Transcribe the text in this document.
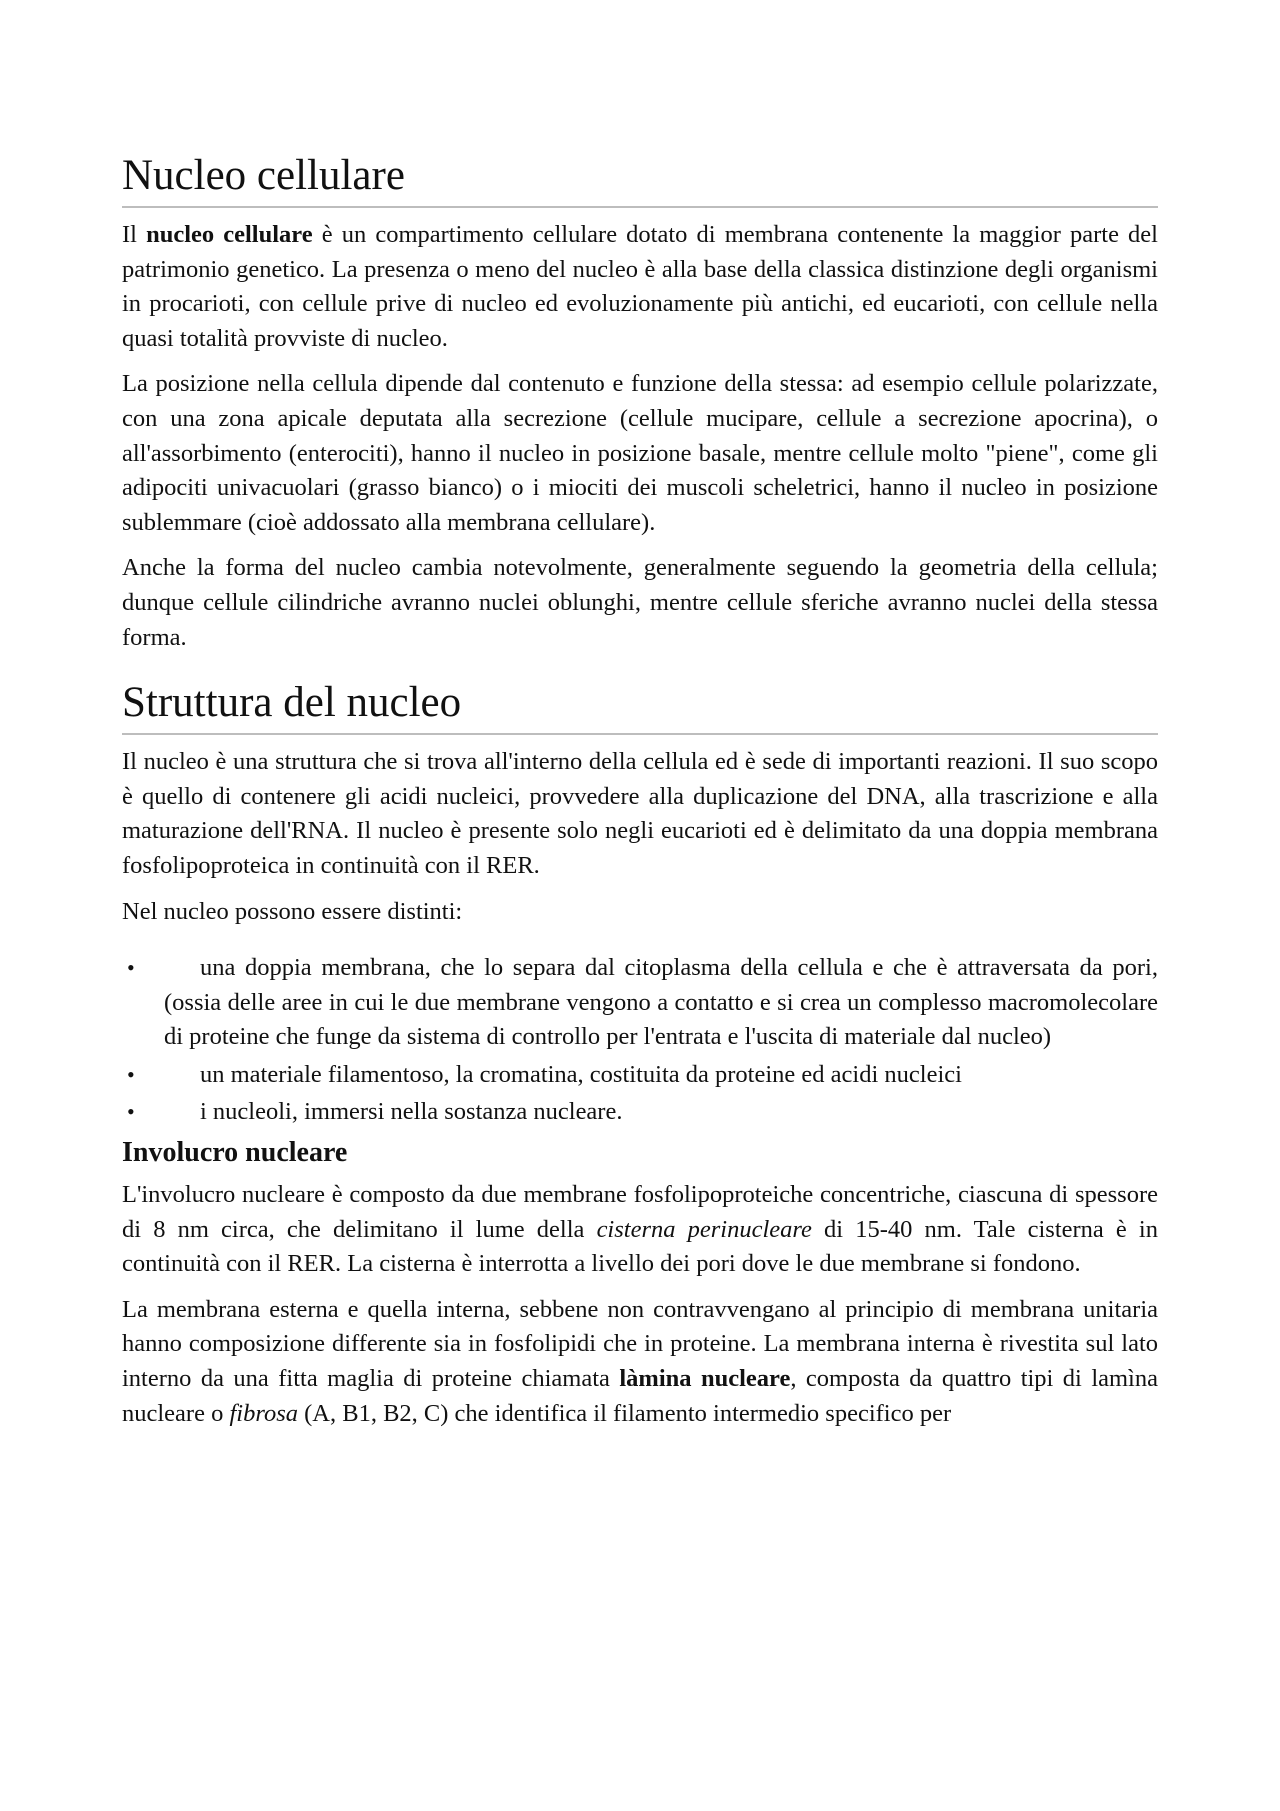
Nucleo cellulare

Il nucleo cellulare è un compartimento cellulare dotato di membrana contenente la maggior parte del patrimonio genetico. La presenza o meno del nucleo è alla base della classica distinzione degli organismi in procarioti, con cellule prive di nucleo ed evoluzionamente più antichi, ed eucarioti, con cellule nella quasi totalità provviste di nucleo.

La posizione nella cellula dipende dal contenuto e funzione della stessa: ad esempio cellule polarizzate, con una zona apicale deputata alla secrezione (cellule mucipare, cellule a secrezione apocrina), o all'assorbimento (enterociti), hanno il nucleo in posizione basale, mentre cellule molto "piene", come gli adipociti univacuolari (grasso bianco) o i miociti dei muscoli scheletrici, hanno il nucleo in posizione sublemmare (cioè addossato alla membrana cellulare).

Anche la forma del nucleo cambia notevolmente, generalmente seguendo la geometria della cellula; dunque cellule cilindriche avranno nuclei oblunghi, mentre cellule sferiche avranno nuclei della stessa forma.

Struttura del nucleo

Il nucleo è una struttura che si trova all'interno della cellula ed è sede di importanti reazioni. Il suo scopo è quello di contenere gli acidi nucleici, provvedere alla duplicazione del DNA, alla trascrizione e alla maturazione dell'RNA. Il nucleo è presente solo negli eucarioti ed è delimitato da una doppia membrana fosfolipoproteica in continuità con il RER.

Nel nucleo possono essere distinti:

•	una doppia membrana, che lo separa dal citoplasma della cellula e che è attraversata da pori, (ossia delle aree in cui le due membrane vengono a contatto e si crea un complesso macromolecolare di proteine che funge da sistema di controllo per l'entrata e l'uscita di materiale dal nucleo)
•	un materiale filamentoso, la cromatina, costituita da proteine ed acidi nucleici
•	i nucleoli, immersi nella sostanza nucleare.
Involucro nucleare

L'involucro nucleare è composto da due membrane fosfolipoproteiche concentriche, ciascuna di spessore di 8 nm circa, che delimitano il lume della cisterna perinucleare di 15-40 nm. Tale cisterna è in continuità con il RER. La cisterna è interrotta a livello dei pori dove le due membrane si fondono.

La membrana esterna e quella interna, sebbene non contravvengano al principio di membrana unitaria hanno composizione differente sia in fosfolipidi che in proteine. La membrana interna è rivestita sul lato interno da una fitta maglia di proteine chiamata làmina nucleare, composta da quattro tipi di lamìna nucleare o fibrosa (A, B1, B2, C) che identifica il filamento intermedio specifico per
